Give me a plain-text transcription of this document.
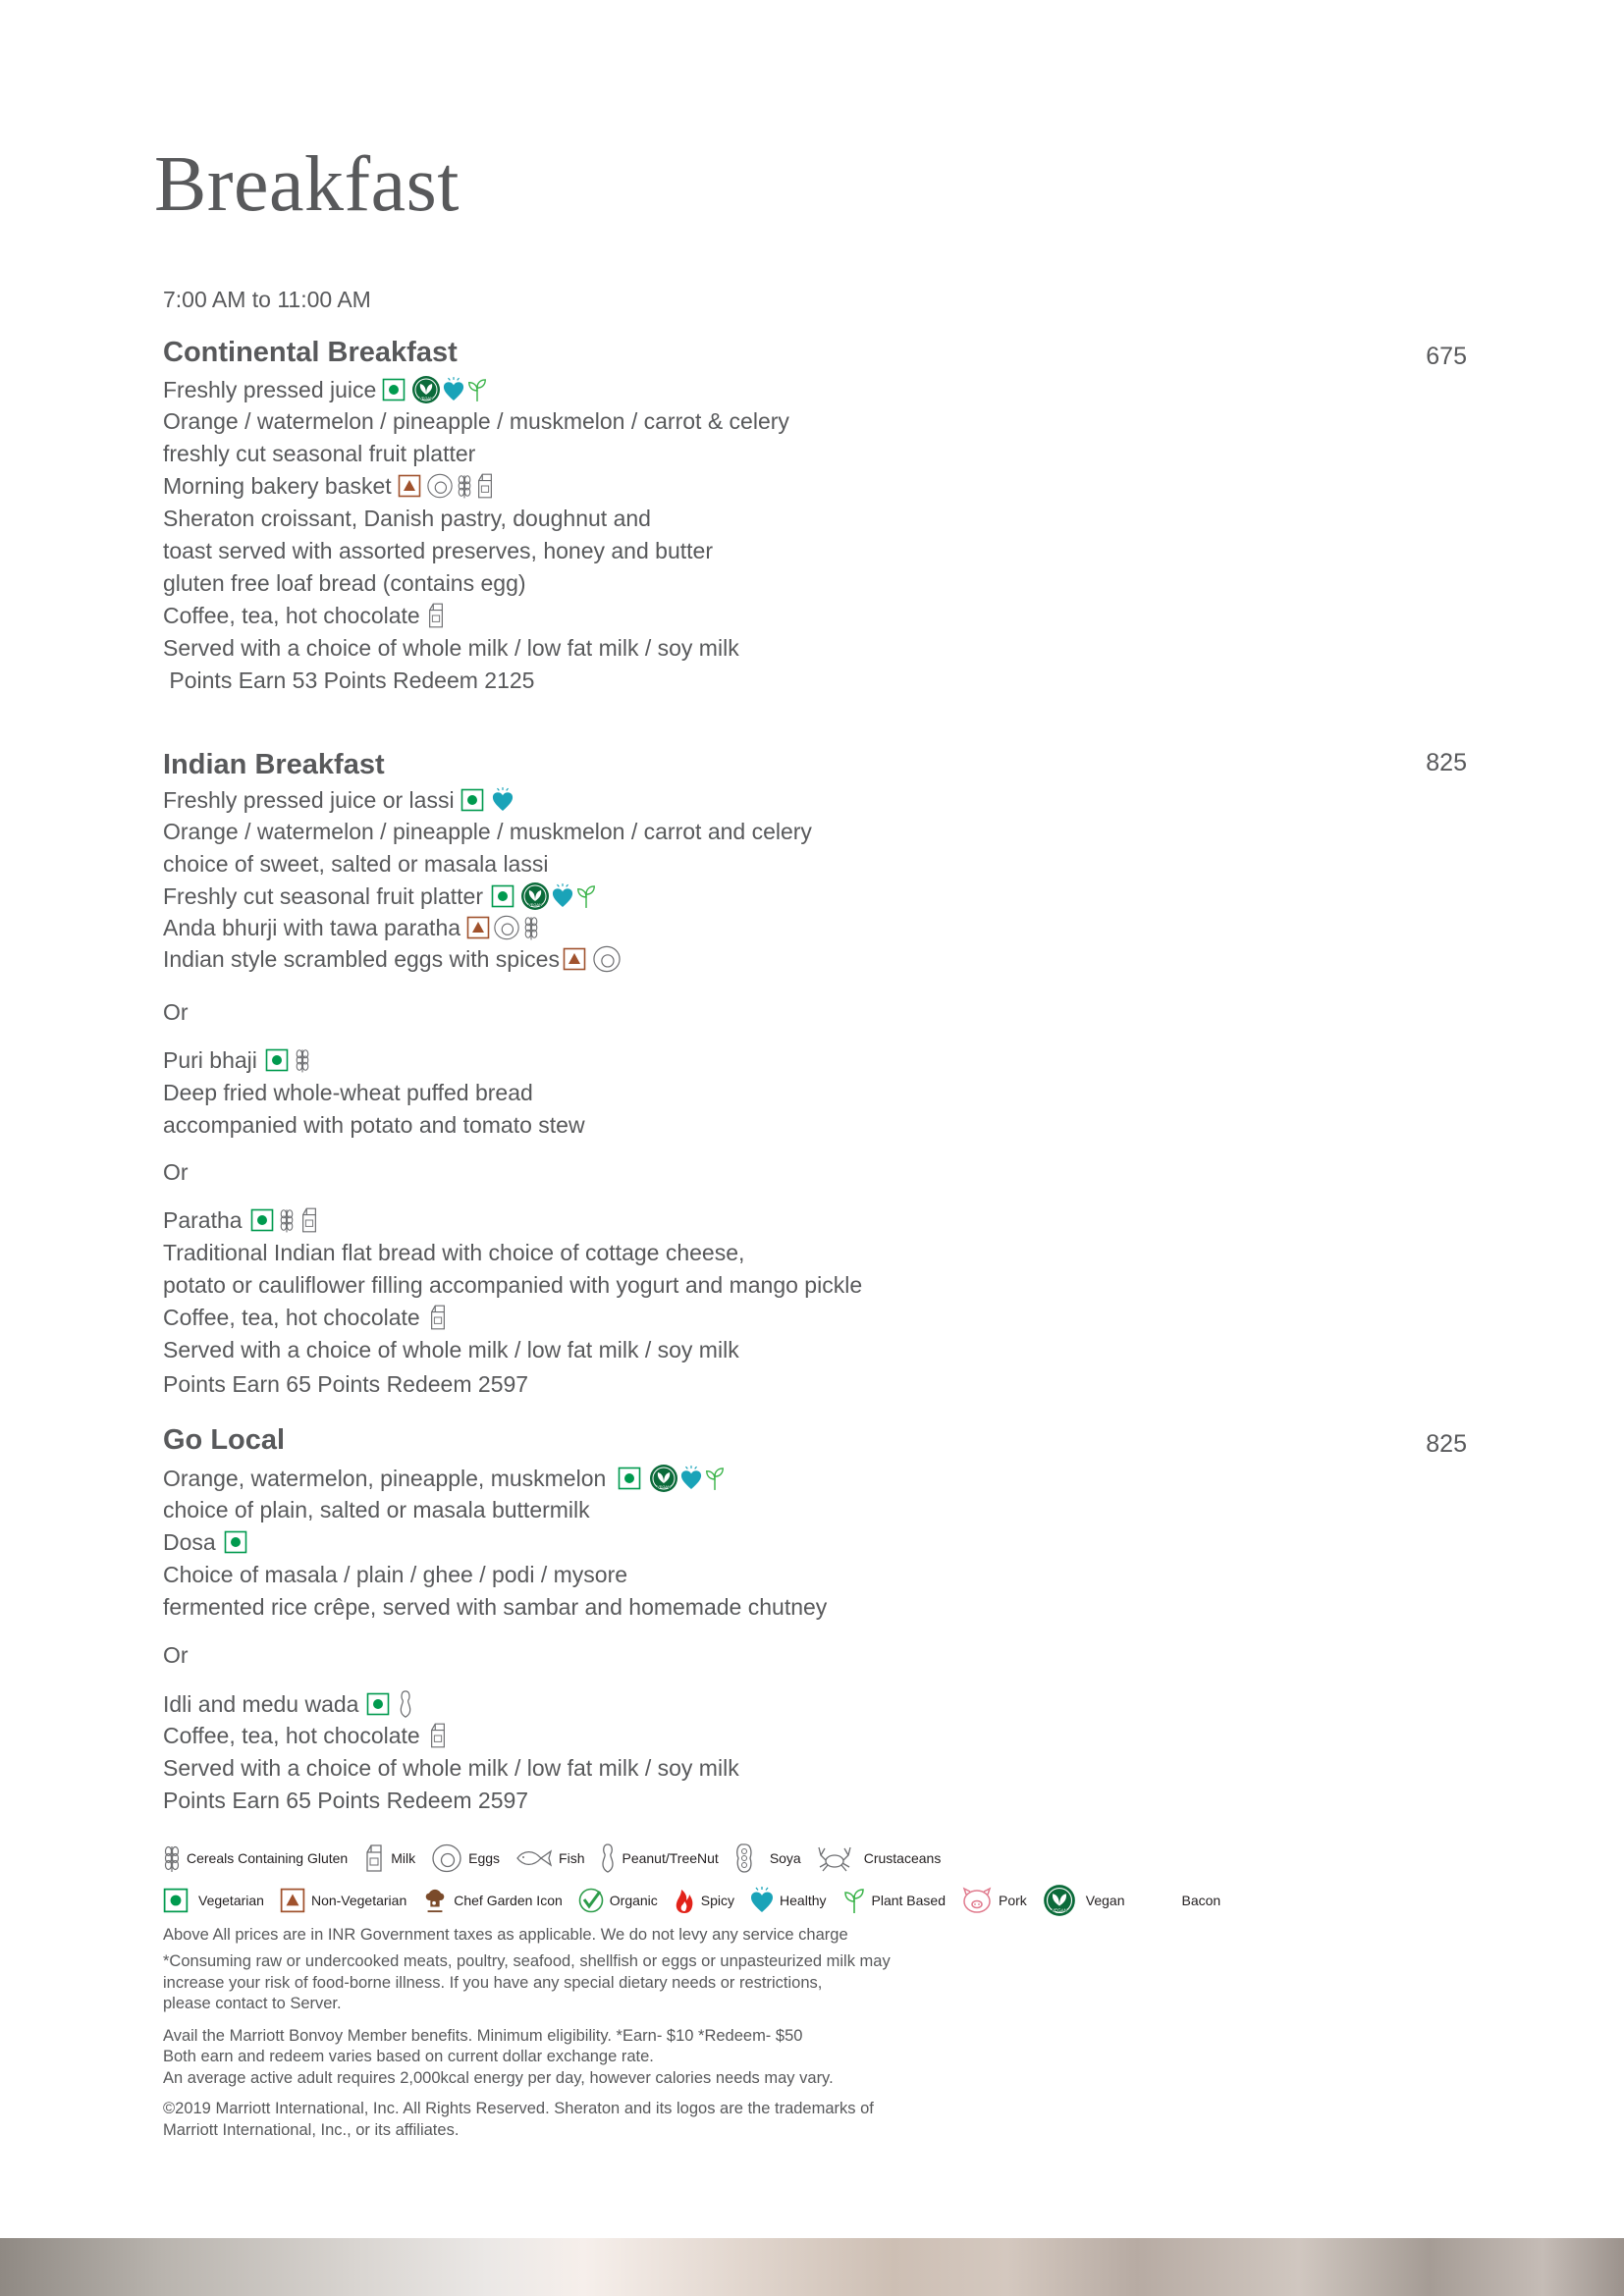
Breakfast
7:00 AM to 11:00 AM
Continental Breakfast	675
Freshly pressed juice
Orange / watermelon / pineapple / muskmelon / carrot & celery
freshly cut seasonal fruit platter
Morning bakery basket
Sheraton croissant, Danish pastry, doughnut and
toast served with assorted preserves, honey and butter
gluten free loaf bread (contains egg)
Coffee, tea, hot chocolate
Served with a choice of whole milk / low fat milk / soy milk
Points Earn 53 Points Redeem 2125
Indian Breakfast	825
Freshly pressed juice or lassi
Orange / watermelon / pineapple / muskmelon / carrot and celery
choice of sweet, salted or masala lassi
Freshly cut seasonal fruit platter
Anda bhurji with tawa paratha
Indian style scrambled eggs with spices
Or
Puri bhaji
Deep fried whole-wheat puffed bread
accompanied with potato and tomato stew
Or
Paratha
Traditional Indian flat bread with choice of cottage cheese,
potato or cauliflower filling accompanied with yogurt and mango pickle
Coffee, tea, hot chocolate
Served with a choice of whole milk / low fat milk / soy milk
Points Earn 65 Points Redeem 2597
Go Local	825
Orange, watermelon, pineapple, muskmelon
choice of plain, salted or masala buttermilk
Dosa
Choice of masala / plain / ghee / podi / mysore
fermented rice crêpe, served with sambar and homemade chutney
Or
Idli and medu wada
Coffee, tea, hot chocolate
Served with a choice of whole milk / low fat milk / soy milk
Points Earn 65 Points Redeem 2597
Cereals Containing Gluten	Milk	Eggs	Fish	Peanut/TreeNut	Soya	Crustaceans
Vegetarian	Non-Vegetarian	Chef Garden Icon	Organic	Spicy	Healthy	Plant Based	Pork	Vegan	Bacon
Above All prices are in INR Government taxes as applicable. We do not levy any service charge
*Consuming raw or undercooked meats, poultry, seafood, shellfish or eggs or unpasteurized milk may
increase your risk of food-borne illness. If you have any special dietary needs or restrictions,
please contact to Server.
Avail the Marriott Bonvoy Member benefits. Minimum eligibility. *Earn- $10 *Redeem- $50
Both earn and redeem varies based on current dollar exchange rate.
An average active adult requires 2,000kcal energy per day, however calories needs may vary.
©2019 Marriott International, Inc. All Rights Reserved. Sheraton and its logos are the trademarks of
Marriott International, Inc., or its affiliates.
